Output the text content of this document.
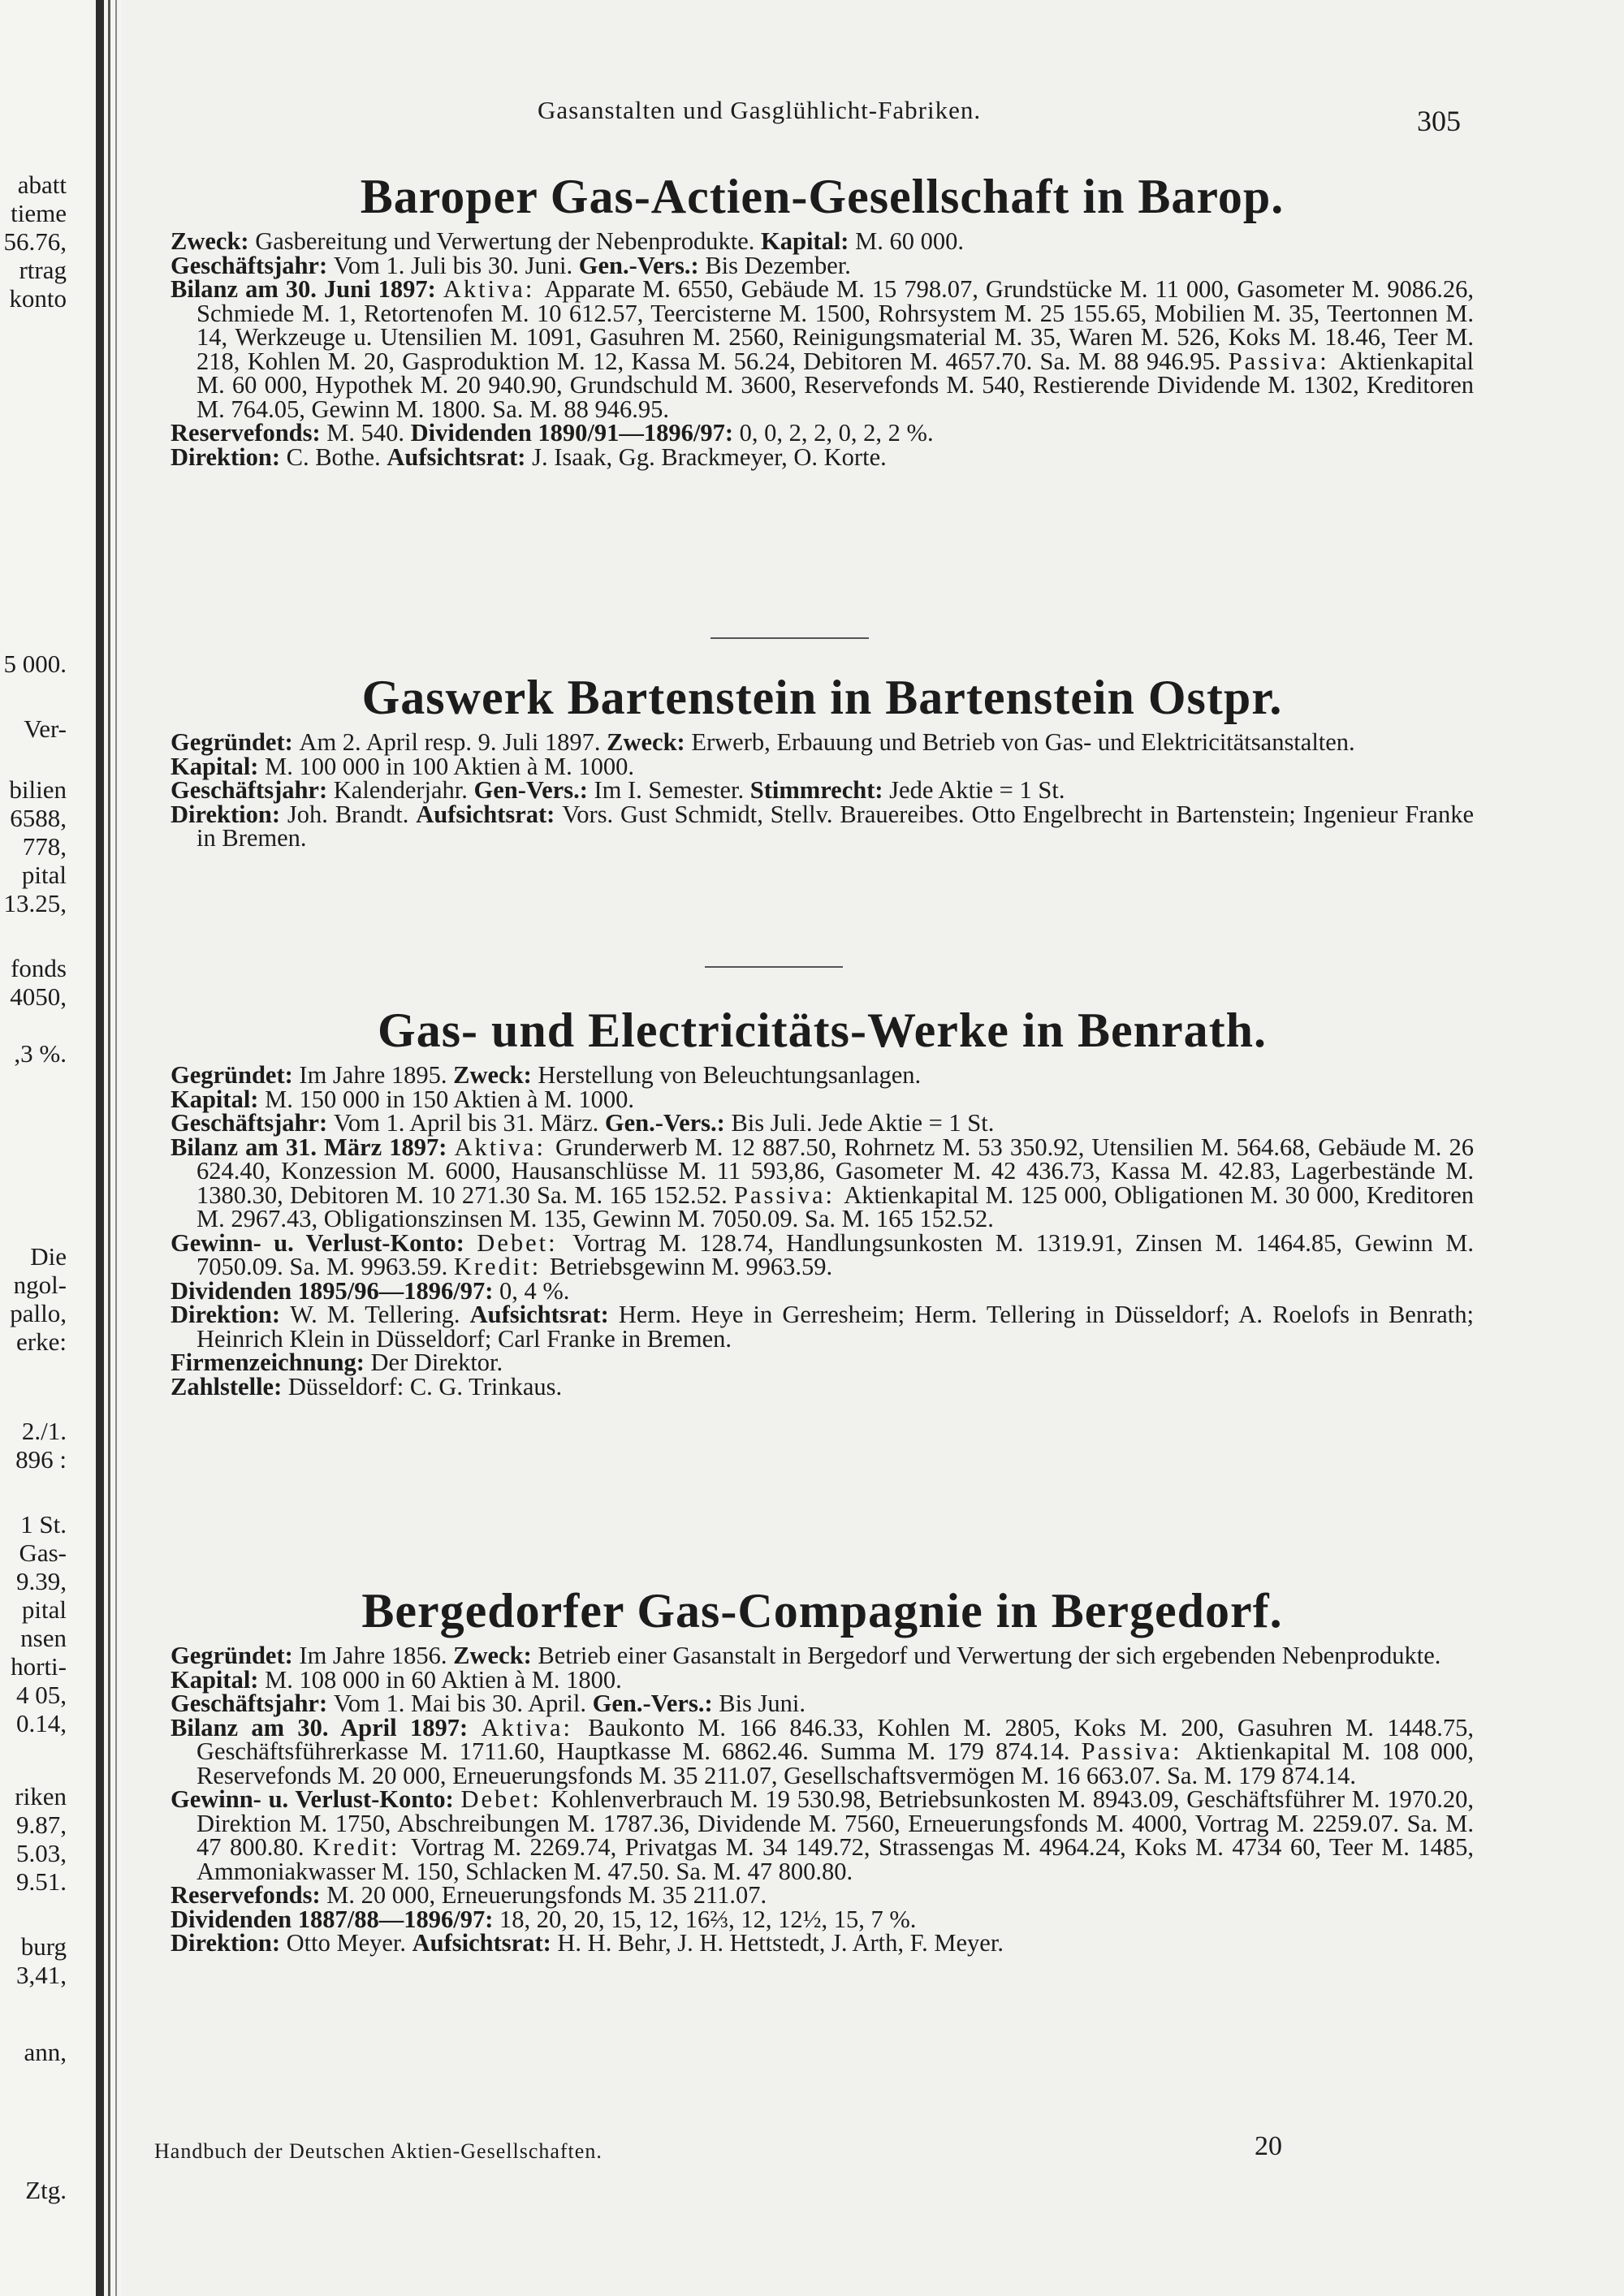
abatt
tieme
56.76,
rtrag
konto
5 000.
Ver-
bilien
6588,
778,
pital
13.25,
fonds
4050,
,3 %.
Die
ngol-
pallo,
erke:
2./1.
896 :
1 St.
Gas-
9.39,
pital
nsen
horti-
4 05,
0.14,
riken
9.87,
5.03,
9.51.
burg
3,41,
ann,
Ztg.
Gasanstalten und Gasglühlicht-Fabriken.	305
Baroper Gas-Actien-Gesellschaft in Barop.

Zweck: Gasbereitung und Verwertung der Nebenprodukte. Kapital: M. 60 000.

Geschäftsjahr: Vom 1. Juli bis 30. Juni. Gen.-Vers.: Bis Dezember.

Bilanz am 30. Juni 1897: Aktiva: Apparate M. 6550, Gebäude M. 15 798.07, Grundstücke M. 11 000, Gasometer M. 9086.26, Schmiede M. 1, Retortenofen M. 10 612.57, Teercisterne M. 1500, Rohrsystem M. 25 155.65, Mobilien M. 35, Teertonnen M. 14, Werkzeuge u. Utensilien M. 1091, Gasuhren M. 2560, Reinigungsmaterial M. 35, Waren M. 526, Koks M. 18.46, Teer M. 218, Kohlen M. 20, Gasproduktion M. 12, Kassa M. 56.24, Debitoren M. 4657.70. Sa. M. 88 946.95. Passiva: Aktienkapital M. 60 000, Hypothek M. 20 940.90, Grundschuld M. 3600, Reservefonds M. 540, Restierende Dividende M. 1302, Kreditoren M. 764.05, Gewinn M. 1800. Sa. M. 88 946.95.

Reservefonds: M. 540. Dividenden 1890/91—1896/97: 0, 0, 2, 2, 0, 2, 2 %.

Direktion: C. Bothe. Aufsichtsrat: J. Isaak, Gg. Brackmeyer, O. Korte.

Gaswerk Bartenstein in Bartenstein Ostpr.

Gegründet: Am 2. April resp. 9. Juli 1897. Zweck: Erwerb, Erbauung und Betrieb von Gas- und Elektricitätsanstalten.

Kapital: M. 100 000 in 100 Aktien à M. 1000.

Geschäftsjahr: Kalenderjahr. Gen-Vers.: Im I. Semester. Stimmrecht: Jede Aktie = 1 St.

Direktion: Joh. Brandt. Aufsichtsrat: Vors. Gust Schmidt, Stellv. Brauereibes. Otto Engelbrecht in Bartenstein; Ingenieur Franke in Bremen.

Gas- und Electricitäts-Werke in Benrath.

Gegründet: Im Jahre 1895. Zweck: Herstellung von Beleuchtungsanlagen.

Kapital: M. 150 000 in 150 Aktien à M. 1000.

Geschäftsjahr: Vom 1. April bis 31. März. Gen.-Vers.: Bis Juli. Jede Aktie = 1 St.

Bilanz am 31. März 1897: Aktiva: Grunderwerb M. 12 887.50, Rohrnetz M. 53 350.92, Utensilien M. 564.68, Gebäude M. 26 624.40, Konzession M. 6000, Hausanschlüsse M. 11 593,86, Gasometer M. 42 436.73, Kassa M. 42.83, Lagerbestände M. 1380.30, Debitoren M. 10 271.30 Sa. M. 165 152.52. Passiva: Aktienkapital M. 125 000, Obligationen M. 30 000, Kreditoren M. 2967.43, Obligationszinsen M. 135, Gewinn M. 7050.09. Sa. M. 165 152.52.

Gewinn- u. Verlust-Konto: Debet: Vortrag M. 128.74, Handlungsunkosten M. 1319.91, Zinsen M. 1464.85, Gewinn M. 7050.09. Sa. M. 9963.59. Kredit: Betriebsgewinn M. 9963.59.

Dividenden 1895/96—1896/97: 0, 4 %.

Direktion: W. M. Tellering. Aufsichtsrat: Herm. Heye in Gerresheim; Herm. Tellering in Düsseldorf; A. Roelofs in Benrath; Heinrich Klein in Düsseldorf; Carl Franke in Bremen.

Firmenzeichnung: Der Direktor.

Zahlstelle: Düsseldorf: C. G. Trinkaus.

Bergedorfer Gas-Compagnie in Bergedorf.

Gegründet: Im Jahre 1856. Zweck: Betrieb einer Gasanstalt in Bergedorf und Verwertung der sich ergebenden Nebenprodukte.

Kapital: M. 108 000 in 60 Aktien à M. 1800.

Geschäftsjahr: Vom 1. Mai bis 30. April. Gen.-Vers.: Bis Juni.

Bilanz am 30. April 1897: Aktiva: Baukonto M. 166 846.33, Kohlen M. 2805, Koks M. 200, Gasuhren M. 1448.75, Geschäftsführerkasse M. 1711.60, Hauptkasse M. 6862.46. Summa M. 179 874.14. Passiva: Aktienkapital M. 108 000, Reservefonds M. 20 000, Erneuerungsfonds M. 35 211.07, Gesellschaftsvermögen M. 16 663.07. Sa. M. 179 874.14.

Gewinn- u. Verlust-Konto: Debet: Kohlenverbrauch M. 19 530.98, Betriebsunkosten M. 8943.09, Geschäftsführer M. 1970.20, Direktion M. 1750, Abschreibungen M. 1787.36, Dividende M. 7560, Erneuerungsfonds M. 4000, Vortrag M. 2259.07. Sa. M. 47 800.80. Kredit: Vortrag M. 2269.74, Privatgas M. 34 149.72, Strassengas M. 4964.24, Koks M. 4734 60, Teer M. 1485, Ammoniakwasser M. 150, Schlacken M. 47.50. Sa. M. 47 800.80.

Reservefonds: M. 20 000, Erneuerungsfonds M. 35 211.07.

Dividenden 1887/88—1896/97: 18, 20, 20, 15, 12, 16⅔, 12, 12½, 15, 7 %.

Direktion: Otto Meyer. Aufsichtsrat: H. H. Behr, J. H. Hettstedt, J. Arth, F. Meyer.

Handbuch der Deutschen Aktien-Gesellschaften.	20
